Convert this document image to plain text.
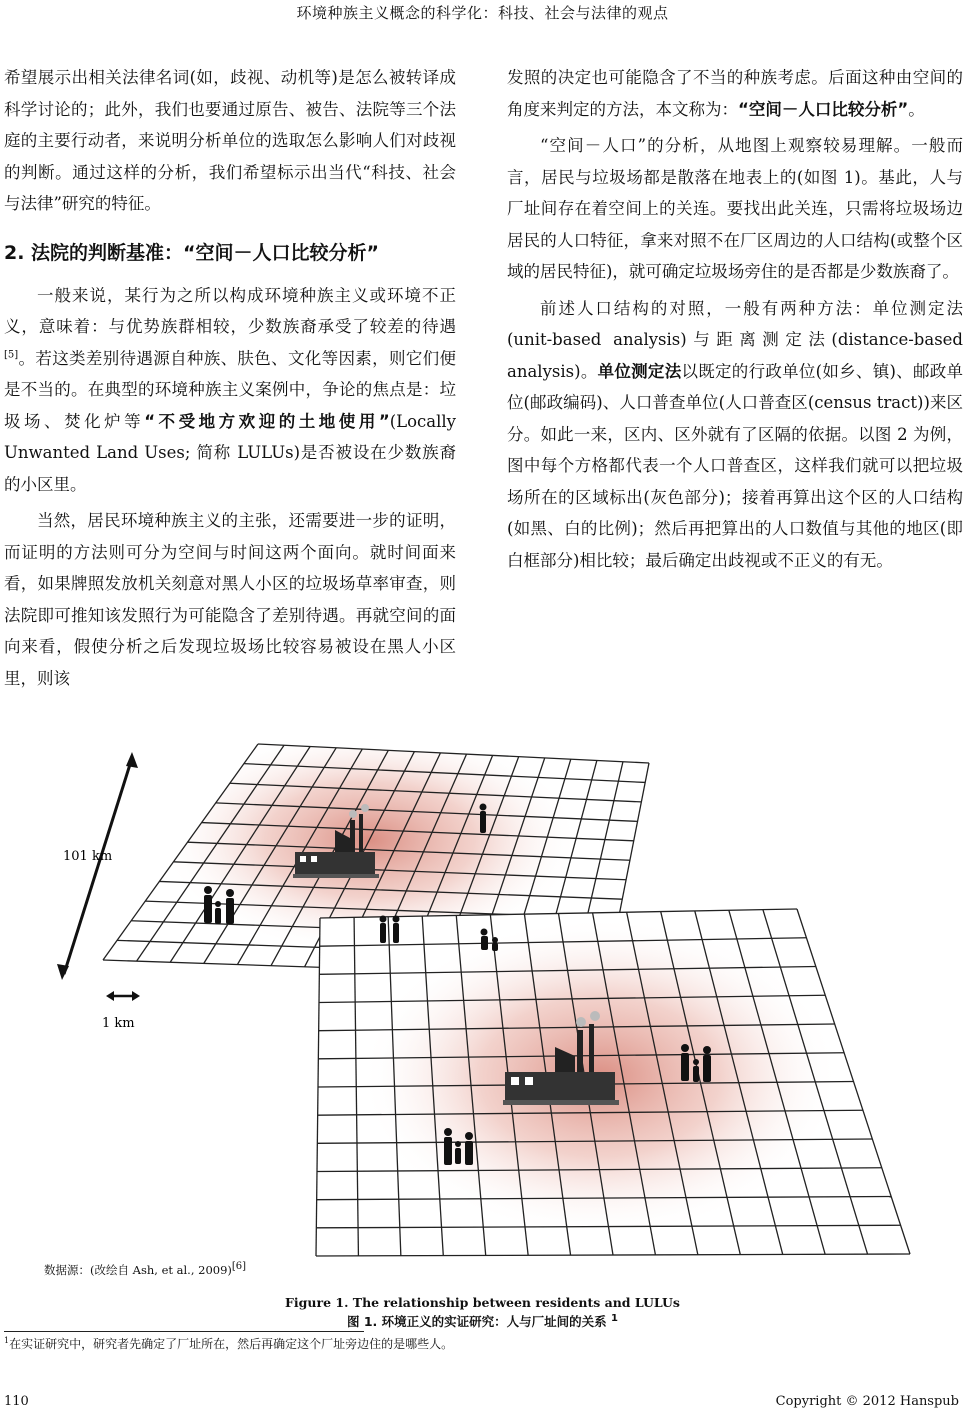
环境种族主义概念的科学化：科技、社会与法律的观点

希望展示出相关法律名词(如，歧视、动机等)是怎么被转译成科学讨论的；此外，我们也要通过原告、被告、法院等三个法庭的主要行动者，来说明分析单位的选取怎么影响人们对歧视的判断。通过这样的分析，我们希望标示出当代“科技、社会与法律”研究的特征。

2. 法院的判断基准：“空间－人口比较分析”

一般来说，某行为之所以构成环境种族主义或环境不正义，意味着：与优势族群相较，少数族裔承受了较差的待遇[5]。若这类差别待遇源自种族、肤色、文化等因素，则它们便是不当的。在典型的环境种族主义案例中，争论的焦点是：垃圾场、焚化炉等“不受地方欢迎的土地使用”(Locally Unwanted Land Uses; 简称 LULUs)是否被设在少数族裔的小区里。

当然，居民环境种族主义的主张，还需要进一步的证明，而证明的方法则可分为空间与时间这两个面向。就时间面来看，如果牌照发放机关刻意对黑人小区的垃圾场草率审查，则法院即可推知该发照行为可能隐含了差别待遇。再就空间的面向来看，假使分析之后发现垃圾场比较容易被设在黑人小区里，则该

发照的决定也可能隐含了不当的种族考虑。后面这种由空间的角度来判定的方法，本文称为：“空间－人口比较分析”。

“空间－人口”的分析，从地图上观察较易理解。一般而言，居民与垃圾场都是散落在地表上的(如图 1)。基此，人与厂址间存在着空间上的关连。要找出此关连，只需将垃圾场边居民的人口特征，拿来对照不在厂区周边的人口结构(或整个区域的居民特征)，就可确定垃圾场旁住的是否都是少数族裔了。

前述人口结构的对照，一般有两种方法：单位测定法(unit-based analysis)与距离测定法(distance-based analysis)。单位测定法以既定的行政单位(如乡、镇)、邮政单位(邮政编码)、人口普查单位(人口普查区(census tract))来区分。如此一来，区内、区外就有了区隔的依据。以图 2 为例，图中每个方格都代表一个人口普查区，这样我们就可以把垃圾场所在的区域标出(灰色部分)；接着再算出这个区的人口结构(如黑、白的比例)；然后再把算出的人口数值与其他的地区(即白框部分)相比较；最后确定出歧视或不正义的有无。

101 km
1 km
数据源：(改绘自 Ash, et al., 2009)[6]
Figure 1. The relationship between residents and LULUs
图 1. 环境正义的实证研究：人与厂址间的关系 $^1$
$^1$在实证研究中，研究者先确定了厂址所在，然后再确定这个厂址旁边住的是哪些人。
110	Copyright © 2012 Hanspub
